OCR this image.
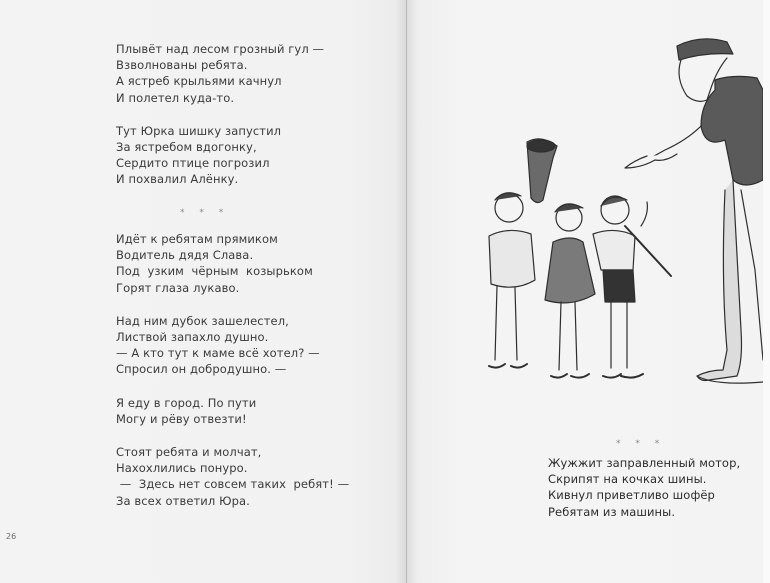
Плывёт над лесом грозный гул —
Взволнованы ребята.
А ястреб крыльями качнул
И полетел куда-то.
Тут Юрка шишку запустил
За ястребом вдогонку,
Сердито птице погрозил
И похвалил Алёнку.
* * *
Идёт к ребятам прямиком
Водитель дядя Слава.
Под  узким  чёрным  козырьком
Горят глаза лукаво.
Над ним дубок зашелестел,
Листвой запахло душно.
— А кто тут к маме всё хотел? —
Спросил он добродушно. —
Я еду в город. По пути
Могу и рёву отвезти!
Стоят ребята и молчат,
Нахохлились понуро.
—  Здесь нет совсем таких  ребят! —
За всех ответил Юра.
26
* * *
Жужжит заправленный мотор,
Скрипят на кочках шины.
Кивнул приветливо шофёр
Ребятам из машины.
